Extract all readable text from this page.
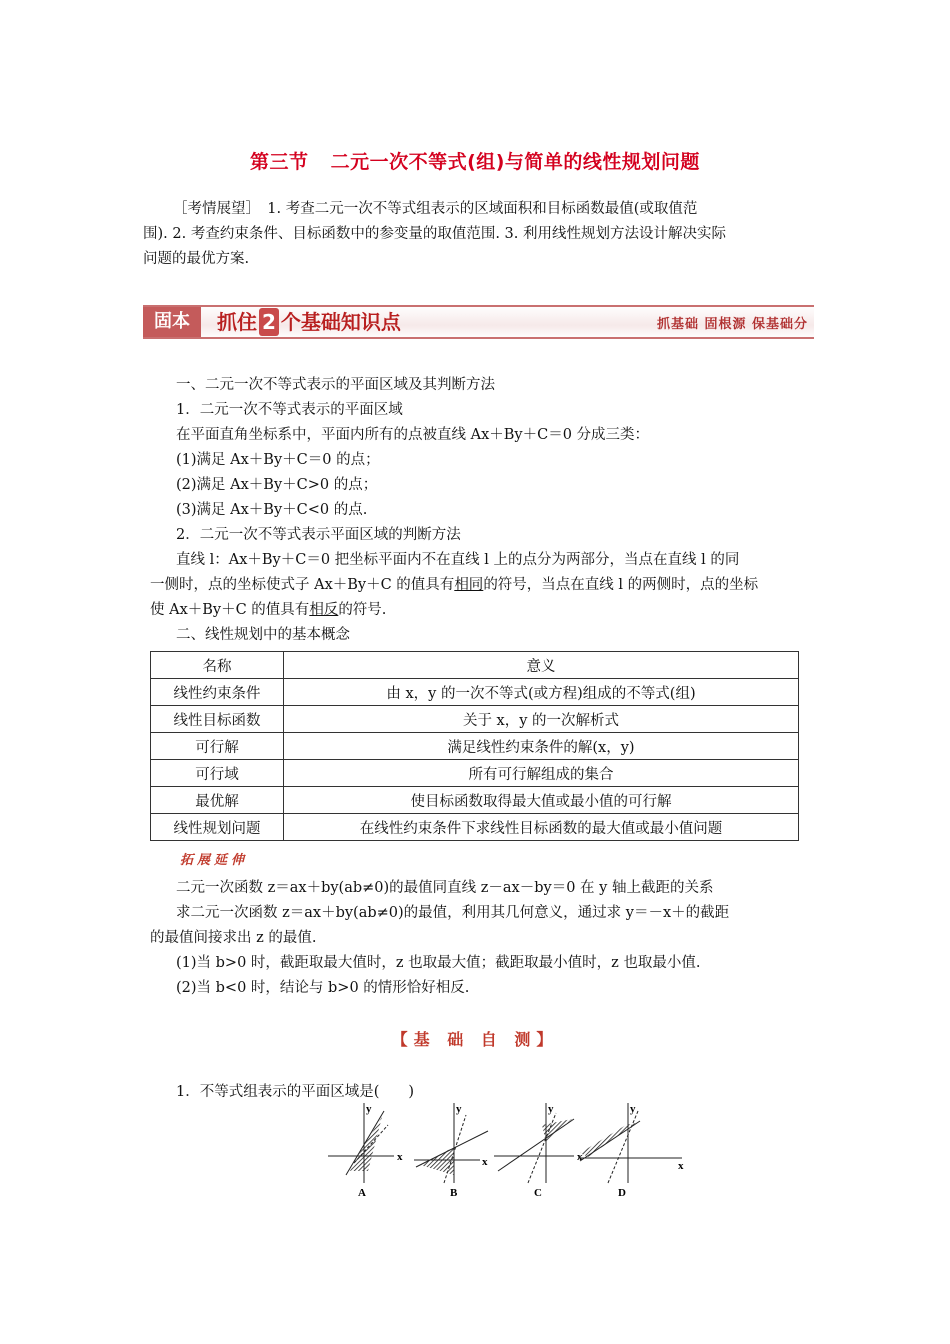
第三节 二元一次不等式(组)与简单的线性规划问题
［考情展望］　1. 考查二元一次不等式组表示的区域面积和目标函数最值(或取值范
围). 2. 考查约束条件、目标函数中的参变量的取值范围. 3. 利用线性规划方法设计解决实际
问题的最优方案.
固本	抓住 2 个基础知识点	抓基础 固根源 保基础分
一、二元一次不等式表示的平面区域及其判断方法
1．二元一次不等式表示的平面区域
在平面直角坐标系中，平面内所有的点被直线 Ax＋By＋C＝0 分成三类：
(1)满足 Ax＋By＋C＝0 的点；
(2)满足 Ax＋By＋C>0 的点；
(3)满足 Ax＋By＋C<0 的点.
2．二元一次不等式表示平面区域的判断方法
直线 l：Ax＋By＋C＝0 把坐标平面内不在直线 l 上的点分为两部分，当点在直线 l 的同
一侧时，点的坐标使式子 Ax＋By＋C 的值具有相同的符号，当点在直线 l 的两侧时，点的坐标
使 Ax＋By＋C 的值具有相反的符号.
二、线性规划中的基本概念
名称	意义
线性约束条件	由 x，y 的一次不等式(或方程)组成的不等式(组)
线性目标函数	关于 x，y 的一次解析式
可行解	满足线性约束条件的解(x，y)
可行域	所有可行解组成的集合
最优解	使目标函数取得最大值或最小值的可行解
线性规划问题	在线性约束条件下求线性目标函数的最大值或最小值问题
拓展延伸
二元一次函数 z＝ax＋by(ab≠0)的最值同直线 z－ax－by＝0 在 y 轴上截距的关系
求二元一次函数 z＝ax＋by(ab≠0)的最值，利用其几何意义，通过求 y＝－x＋的截距
的最值间接求出 z 的最值.
(1)当 b>0 时，截距取最大值时，z 也取最大值；截距取最小值时，z 也取最小值.
(2)当 b<0 时，结论与 b>0 的情形恰好相反.
【基 础 自 测】
1．不等式组表示的平面区域是(　　)
x
y
A
x
y
B
x
y
C
x
y
D
